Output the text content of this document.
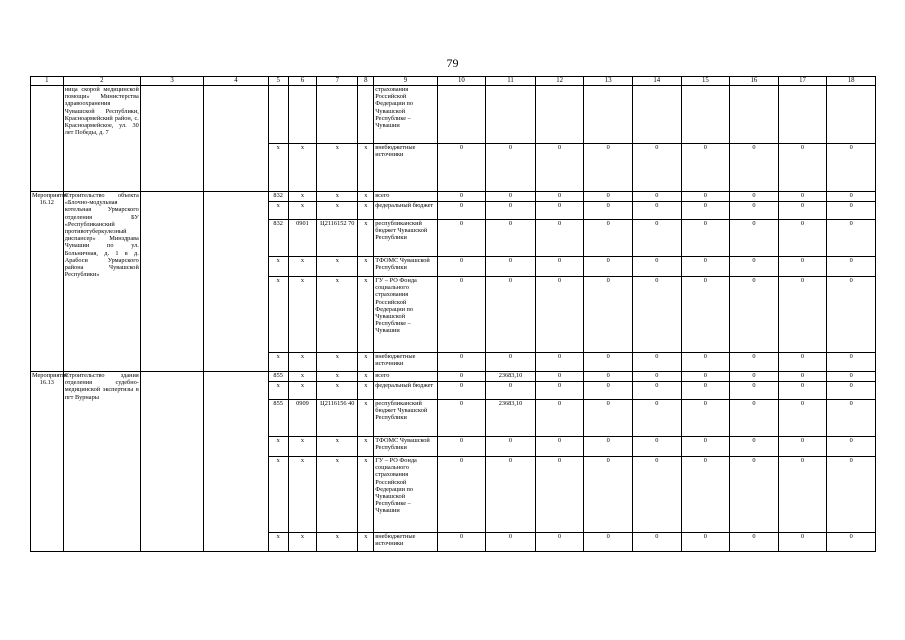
79
1	2	3	4	5	6	7	8	9	10	11	12	13	14	15	16	17	18
	ница скорой медицинской помощи» Министерства здравоохранения Чувашской Республики, Красноармейский район, с. Красноармейское, ул. 30 лет Победы, д. 7							страхования Российской Федерации по Чувашской Республике – Чувашии									
				x	x	x	x	внебюджетные источники	0	0	0	0	0	0	0	0	0
Мероприятие 16.12	Строительство объекта «Блочно-модульная котельная Урмарского отделения БУ «Республиканский противотуберкулезный диспансер» Минздрава Чувашии по ул. Больничная, д. 1 в д. Арабоси Урмарского района Чувашской Республики»			832	x	x	x	всего	0	0	0	0	0	0	0	0	0
				x	x	x	x	федеральный бюджет	0	0	0	0	0	0	0	0	0
				832	0901	Ц2116152 70	x	республиканский бюджет Чувашской Республики	0	0	0	0	0	0	0	0	0
				x	x	x	x	ТФОМС Чувашской Республики	0	0	0	0	0	0	0	0	0
				x	x	x	x	ГУ – РО Фонда социального страхования Российской Федерации по Чувашской Республике – Чувашии	0	0	0	0	0	0	0	0	0
				x	x	x	x	внебюджетные источники	0	0	0	0	0	0	0	0	0
Мероприятие 16.13	Строительство здания отделения судебно-медицинской экспертизы в пгт Вурнары			855	x	x	x	всего	0	23683,10	0	0	0	0	0	0	0
				x	x	x	x	федеральный бюджет	0	0	0	0	0	0	0	0	0
				855	0909	Ц2116156 40	x	республиканский бюджет Чувашской Республики	0	23683,10	0	0	0	0	0	0	0
				x	x	x	x	ТФОМС Чувашской Республики	0	0	0	0	0	0	0	0	0
				x	x	x	x	ГУ – РО Фонда социального страхования Российской Федерации по Чувашской Республике – Чувашии	0	0	0	0	0	0	0	0	0
				x	x	x	x	внебюджетные источники	0	0	0	0	0	0	0	0	0
